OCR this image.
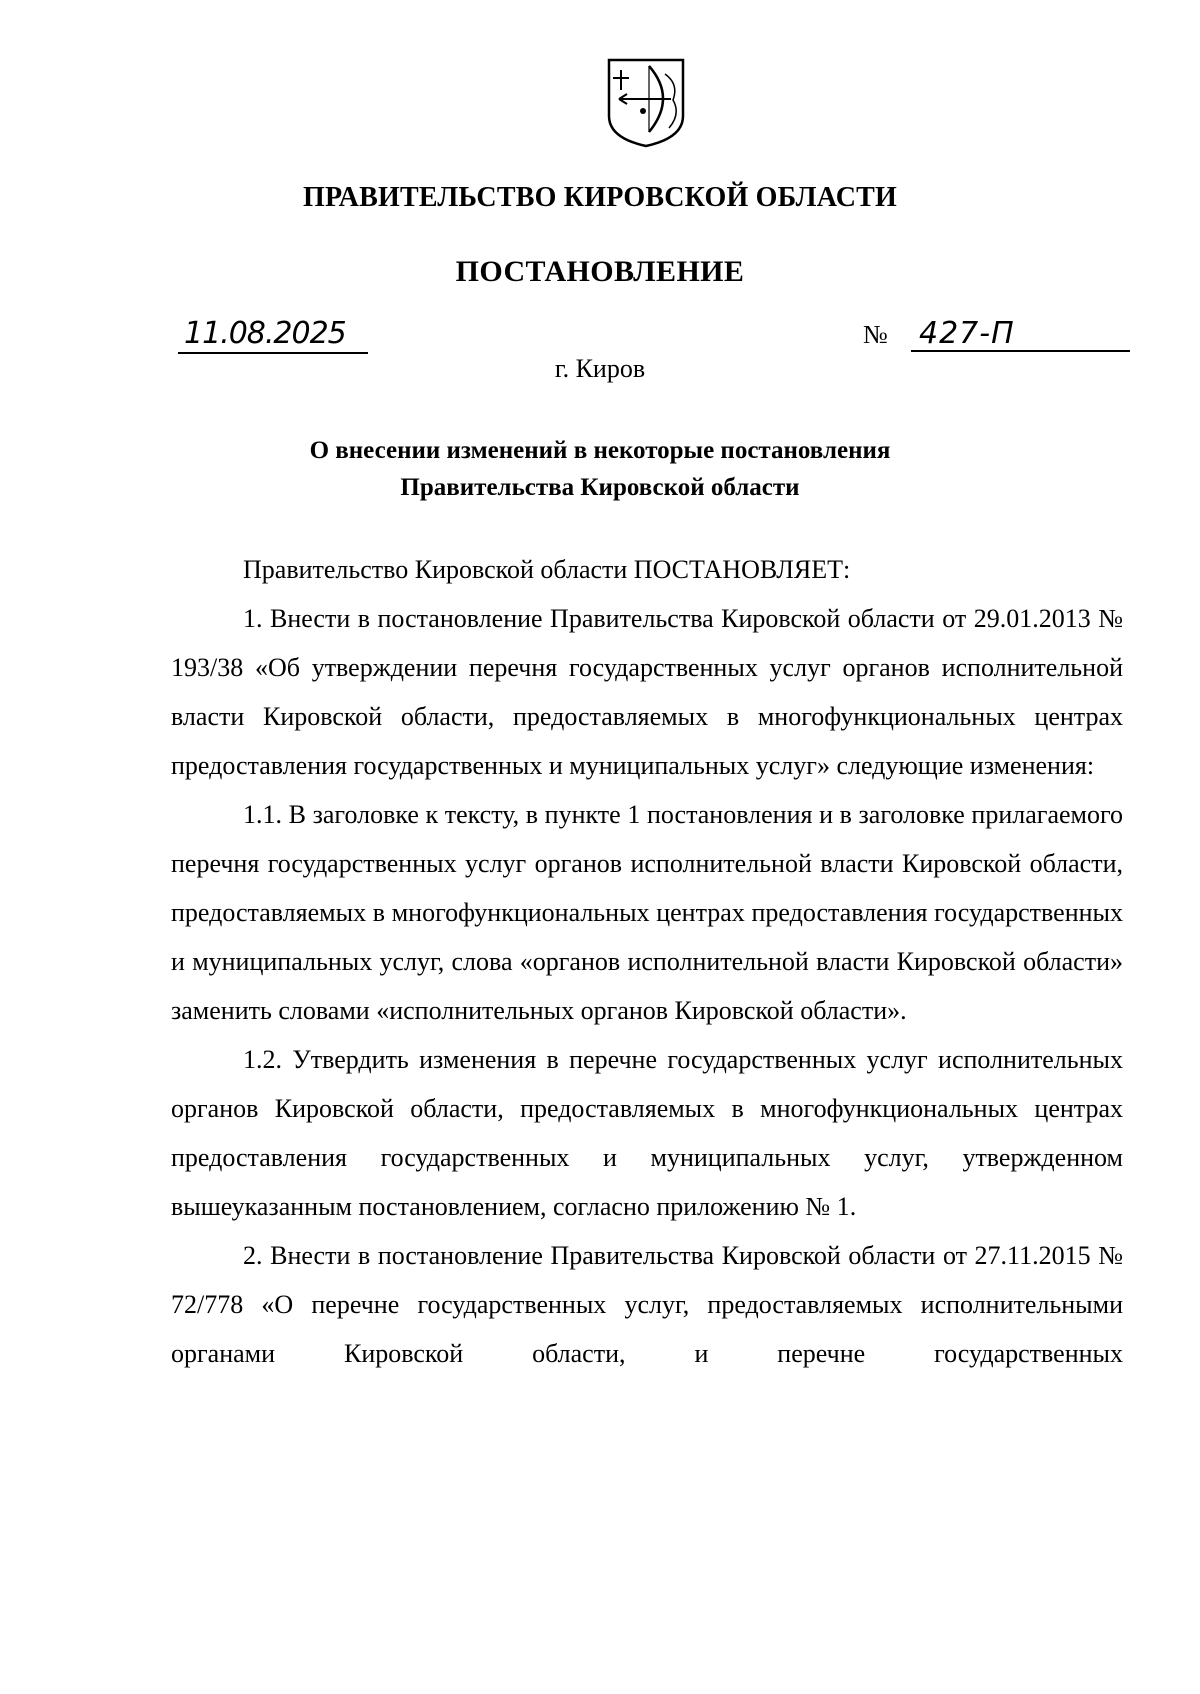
ПРАВИТЕЛЬСТВО КИРОВСКОЙ ОБЛАСТИ
ПОСТАНОВЛЕНИЕ
11.08.2025	№ 427-П
г. Киров
О внесении изменений в некоторые постановления
Правительства Кировской области

Правительство Кировской области ПОСТАНОВЛЯЕТ:

1. Внести в постановление Правительства Кировской области от 29.01.2013 № 193/38 «Об утверждении перечня государственных услуг органов исполнительной власти Кировской области, предоставляемых в многофункциональных центрах предоставления государственных и муниципальных услуг» следующие изменения:

1.1. В заголовке к тексту, в пункте 1 постановления и в заголовке прилагаемого перечня государственных услуг органов исполнительной власти Кировской области, предоставляемых в многофункциональных центрах предоставления государственных и муниципальных услуг, слова «органов исполнительной власти Кировской области» заменить словами «исполнительных органов Кировской области».

1.2. Утвердить изменения в перечне государственных услуг исполнительных органов Кировской области, предоставляемых в многофункциональных центрах предоставления государственных и муниципальных услуг, утвержденном вышеуказанным постановлением, согласно приложению № 1.

2. Внести в постановление Правительства Кировской области от 27.11.2015 № 72/778 «О перечне государственных услуг, предоставляемых исполнительными органами Кировской области, и перечне государственных
